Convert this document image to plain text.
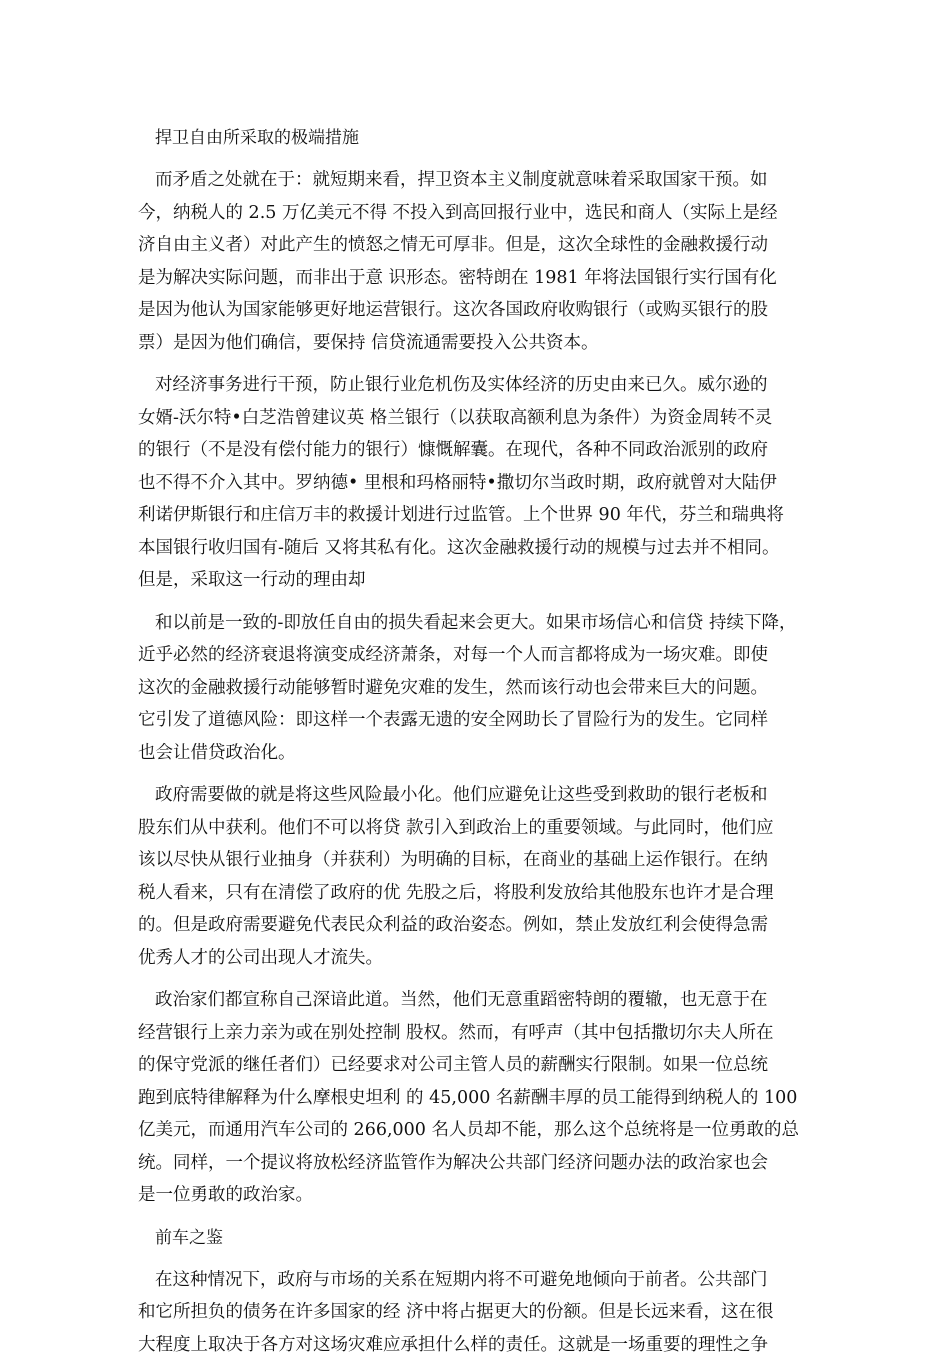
捍卫自由所采取的极端措施
而矛盾之处就在于：就短期来看，捍卫资本主义制度就意味着采取国家干预。如
今，纳税人的 2.5 万亿美元不得 不投入到高回报行业中，选民和商人（实际上是经
济自由主义者）对此产生的愤怒之情无可厚非。但是，这次全球性的金融救援行动
是为解决实际问题，而非出于意 识形态。密特朗在 1981 年将法国银行实行国有化
是因为他认为国家能够更好地运营银行。这次各国政府收购银行（或购买银行的股
票）是因为他们确信，要保持 信贷流通需要投入公共资本。
对经济事务进行干预，防止银行业危机伤及实体经济的历史由来已久。威尔逊的
女婿-沃尔特•白芝浩曾建议英 格兰银行（以获取高额利息为条件）为资金周转不灵
的银行（不是没有偿付能力的银行）慷慨解囊。在现代，各种不同政治派别的政府
也不得不介入其中。罗纳德• 里根和玛格丽特•撒切尔当政时期，政府就曾对大陆伊
利诺伊斯银行和庄信万丰的救援计划进行过监管。上个世界 90 年代，芬兰和瑞典将
本国银行收归国有-随后 又将其私有化。这次金融救援行动的规模与过去并不相同。
但是，采取这一行动的理由却
和以前是一致的-即放任自由的损失看起来会更大。如果市场信心和信贷 持续下降，
近乎必然的经济衰退将演变成经济萧条，对每一个人而言都将成为一场灾难。即使
这次的金融救援行动能够暂时避免灾难的发生，然而该行动也会带来巨大的问题。
它引发了道德风险：即这样一个表露无遗的安全网助长了冒险行为的发生。它同样
也会让借贷政治化。
政府需要做的就是将这些风险最小化。他们应避免让这些受到救助的银行老板和
股东们从中获利。他们不可以将贷 款引入到政治上的重要领域。与此同时，他们应
该以尽快从银行业抽身（并获利）为明确的目标，在商业的基础上运作银行。在纳
税人看来，只有在清偿了政府的优 先股之后，将股利发放给其他股东也许才是合理
的。但是政府需要避免代表民众利益的政治姿态。例如，禁止发放红利会使得急需
优秀人才的公司出现人才流失。
政治家们都宣称自己深谙此道。当然，他们无意重蹈密特朗的覆辙，也无意于在
经营银行上亲力亲为或在别处控制 股权。然而，有呼声（其中包括撒切尔夫人所在
的保守党派的继任者们）已经要求对公司主管人员的薪酬实行限制。如果一位总统
跑到底特律解释为什么摩根史坦利 的 45,000 名薪酬丰厚的员工能得到纳税人的 100
亿美元，而通用汽车公司的 266,000 名人员却不能，那么这个总统将是一位勇敢的总
统。同样，一个提议将放松经济监管作为解决公共部门经济问题办法的政治家也会
是一位勇敢的政治家。
前车之鉴
在这种情况下，政府与市场的关系在短期内将不可避免地倾向于前者。公共部门
和它所担负的债务在许多国家的经 济中将占据更大的份额。但是长远来看，这在很
大程度上取决于各方对这场灾难应承担什么样的责任。这就是一场重要的理性之争
